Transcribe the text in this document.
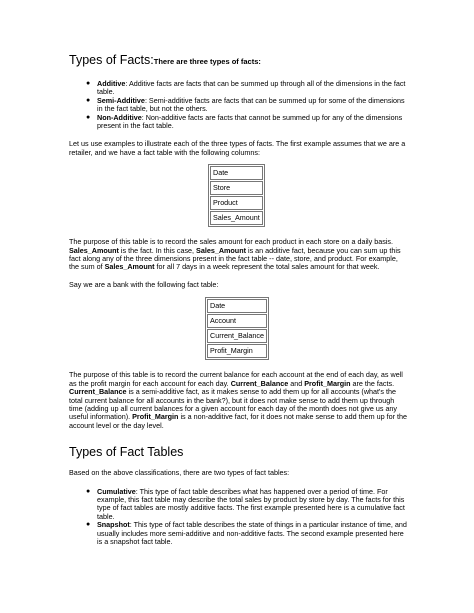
Types of Facts:There are three types of facts:
● Additive: Additive facts are facts that can be summed up through all of the dimensions in the fact table.
● Semi-Additive: Semi-additive facts are facts that can be summed up for some of the dimensions in the fact table, but not the others.
● Non-Additive: Non-additive facts are facts that cannot be summed up for any of the dimensions present in the fact table.

Let us use examples to illustrate each of the three types of facts. The first example assumes that we are a retailer, and we have a fact table with the following columns:

Date
Store
Product
Sales_Amount

The purpose of this table is to record the sales amount for each product in each store on a daily basis. Sales_Amount is the fact. In this case, Sales_Amount is an additive fact, because you can sum up this fact along any of the three dimensions present in the fact table -- date, store, and product. For example, the sum of Sales_Amount for all 7 days in a week represent the total sales amount for that week.

Say we are a bank with the following fact table:

Date
Account
Current_Balance
Profit_Margin

The purpose of this table is to record the current balance for each account at the end of each day, as well as the profit margin for each account for each day. Current_Balance and Profit_Margin are the facts. Current_Balance is a semi-additive fact, as it makes sense to add them up for all accounts (what's the total current balance for all accounts in the bank?), but it does not make sense to add them up through time (adding up all current balances for a given account for each day of the month does not give us any useful information). Profit_Margin is a non-additive fact, for it does not make sense to add them up for the account level or the day level.

Types of Fact Tables

Based on the above classifications, there are two types of fact tables:

● Cumulative: This type of fact table describes what has happened over a period of time. For example, this fact table may describe the total sales by product by store by day. The facts for this type of fact tables are mostly additive facts. The first example presented here is a cumulative fact table.
● Snapshot: This type of fact table describes the state of things in a particular instance of time, and usually includes more semi-additive and non-additive facts. The second example presented here is a snapshot fact table.
